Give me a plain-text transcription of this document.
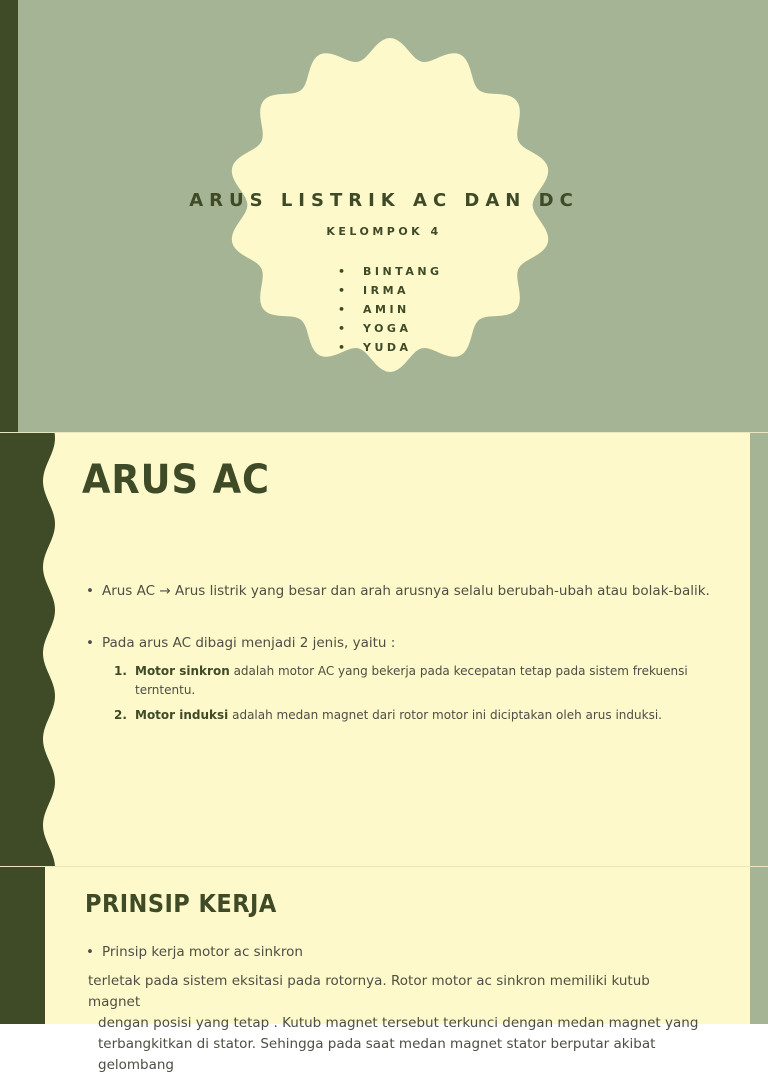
ARUS LISTRIK AC DAN DC
KELOMPOK 4
• BINTANG
• IRMA
• AMIN
• YOGA
• YUDA
ARUS AC
• Arus AC → Arus listrik yang besar dan arah arusnya selalu berubah-ubah atau bolak-balik.
• Pada arus AC dibagi menjadi 2 jenis, yaitu :
1. Motor sinkron adalah motor AC yang bekerja pada kecepatan tetap pada sistem frekuensi terntentu.
2. Motor induksi adalah medan magnet dari rotor motor ini diciptakan oleh arus induksi.
PRINSIP KERJA
• Prinsip kerja motor ac sinkron
terletak pada sistem eksitasi pada rotornya. Rotor motor ac sinkron memiliki kutub magnet
dengan posisi yang tetap . Kutub magnet tersebut terkunci dengan medan magnet yang
terbangkitkan di stator. Sehingga pada saat medan magnet stator berputar akibat gelombang
